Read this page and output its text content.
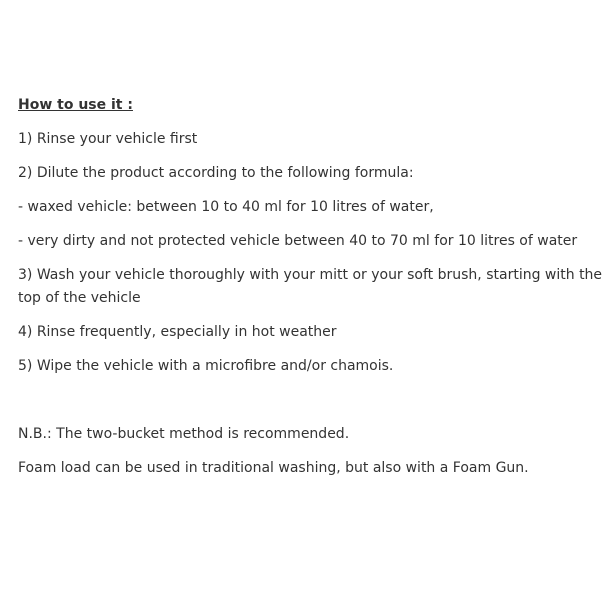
How to use it :
1) Rinse your vehicle first
2) Dilute the product according to the following formula:
- waxed vehicle: between 10 to 40 ml for 10 litres of water,
- very dirty and not protected vehicle between 40 to 70 ml for 10 litres of water
3) Wash your vehicle thoroughly with your mitt or your soft brush, starting with the top of the vehicle
4) Rinse frequently, especially in hot weather
5) Wipe the vehicle with a microfibre and/or chamois.
N.B.: The two-bucket method is recommended.
Foam load can be used in traditional washing, but also with a Foam Gun.
